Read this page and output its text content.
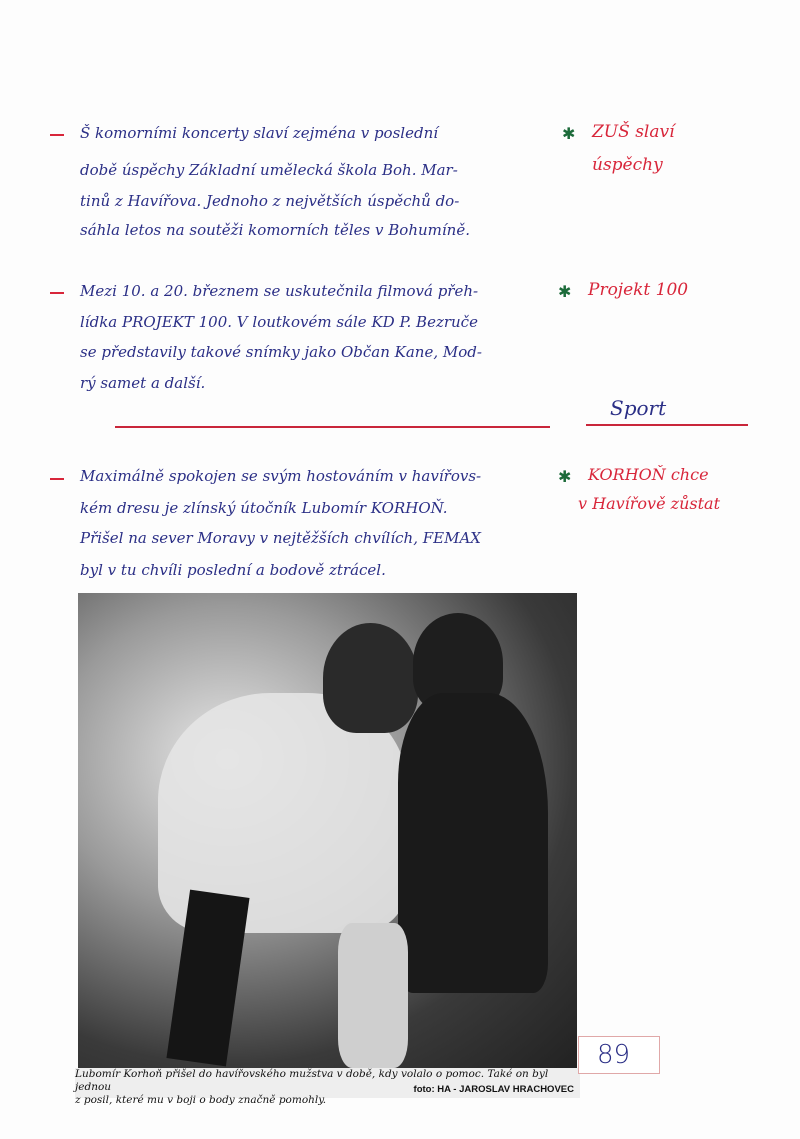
Š komorními koncerty slaví zejména v poslední
době úspěchy Základní umělecká škola Boh. Mar-
tinů z Havířova. Jednoho z největších úspěchů do-
sáhla letos na soutěži komorních těles v Bohumíně.
✱ ZUŠ slaví
úspěchy
Mezi 10. a 20. březnem se uskutečnila filmová přeh-
lídka PROJEKT 100. V loutkovém sále KD P. Bezruče
se představily takové snímky jako Občan Kane, Mod-
rý samet a další.
✱ Projekt 100
Sport
Maximálně spokojen se svým hostováním v havířovs-
kém dresu je zlínský útočník Lubomír KORHOŇ.
Přišel na sever Moravy v nejtěžších chvílích, FEMAX
byl v tu chvíli poslední a bodově ztrácel.
✱ KORHOŇ chce
v Havířově zůstat
Lubomír Korhoň přišel do havířovského mužstva v době, kdy volalo o pomoc. Také on byl jednou
z posil, které mu v boji o body značně pomohly.
foto: HA - JAROSLAV HRACHOVEC
89
